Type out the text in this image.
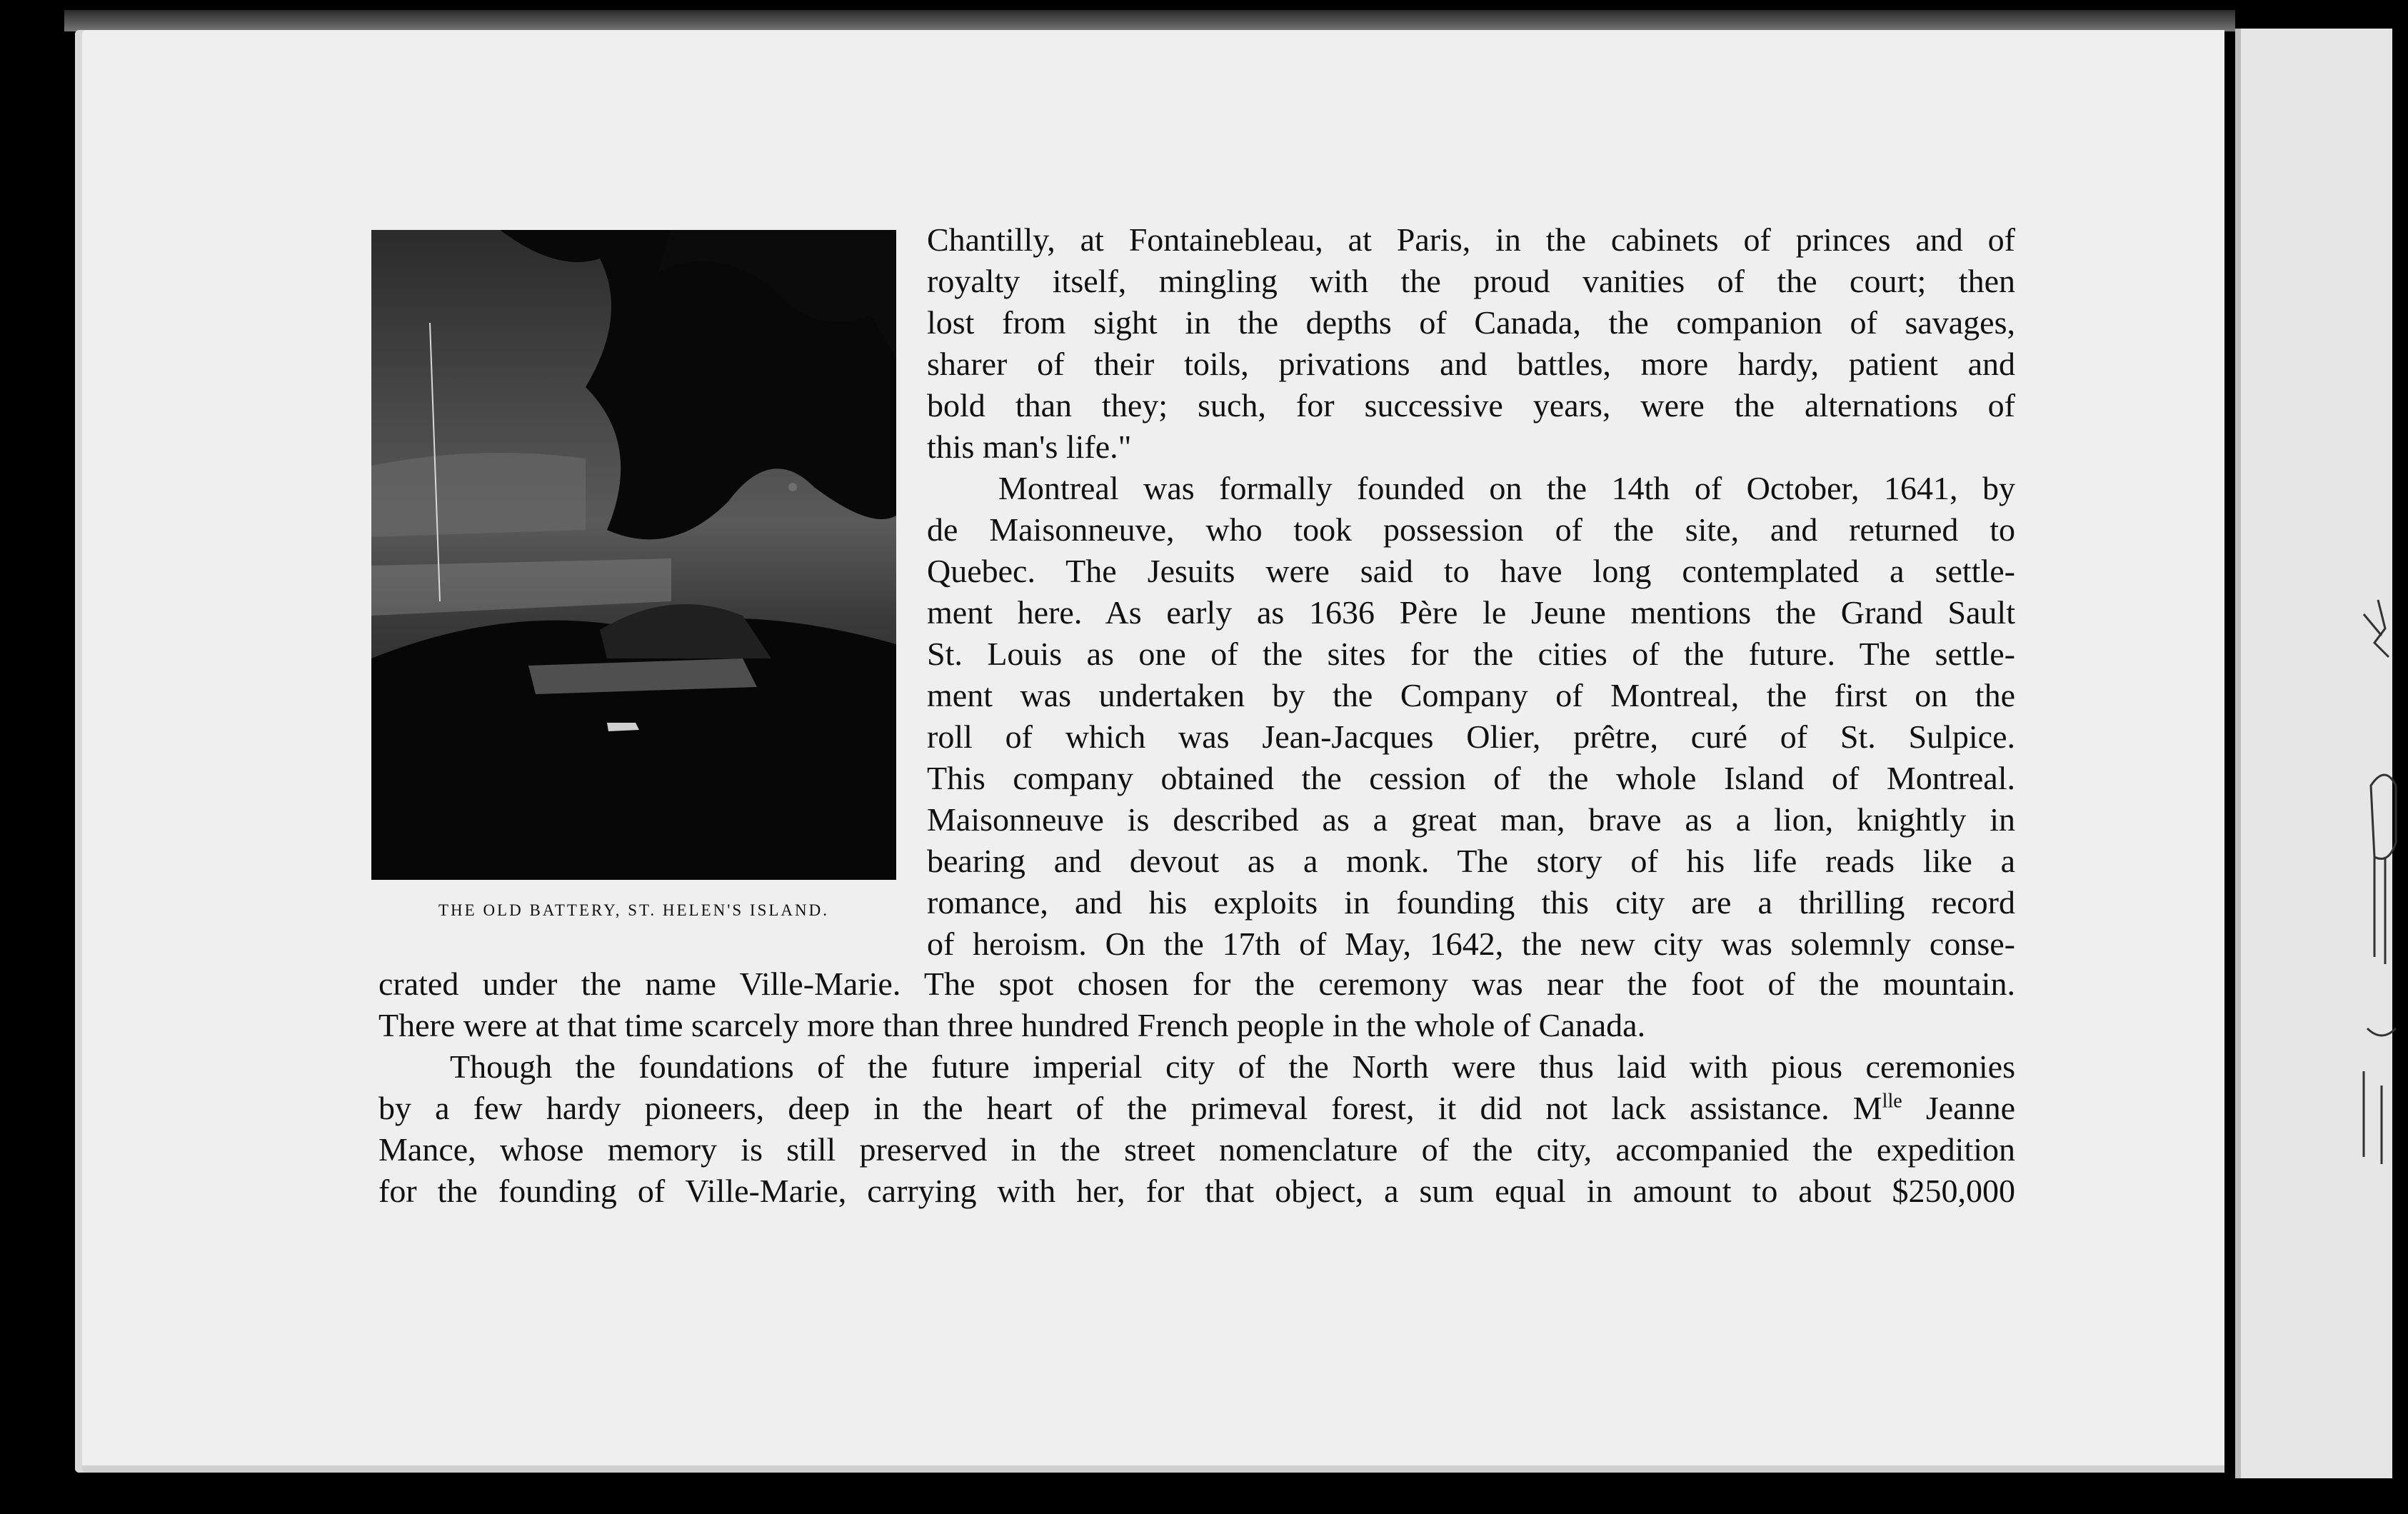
THE OLD BATTERY, ST. HELEN'S ISLAND.

Chantilly, at Fontainebleau, at Paris, in the cabinets of princes and of

royalty itself, mingling with the proud vanities of the court; then

lost from sight in the depths of Canada, the companion of savages,

sharer of their toils, privations and battles, more hardy, patient and

bold than they; such, for successive years, were the alternations of

this man's life."

Montreal was formally founded on the 14th of October, 1641, by

de Maisonneuve, who took possession of the site, and returned to

Quebec. The Jesuits were said to have long contemplated a settle-

ment here. As early as 1636 Père le Jeune mentions the Grand Sault

St. Louis as one of the sites for the cities of the future. The settle-

ment was undertaken by the Company of Montreal, the first on the

roll of which was Jean-Jacques Olier, prêtre, curé of St. Sulpice.

This company obtained the cession of the whole Island of Montreal.

Maisonneuve is described as a great man, brave as a lion, knightly in

bearing and devout as a monk. The story of his life reads like a

romance, and his exploits in founding this city are a thrilling record

of heroism. On the 17th of May, 1642, the new city was solemnly conse-

crated under the name Ville-Marie. The spot chosen for the ceremony was near the foot of the mountain.

There were at that time scarcely more than three hundred French people in the whole of Canada.

Though the foundations of the future imperial city of the North were thus laid with pious ceremonies

by a few hardy pioneers, deep in the heart of the primeval forest, it did not lack assistance. $M^{lle}$ Jeanne

Mance, whose memory is still preserved in the street nomenclature of the city, accompanied the expedition

for the founding of Ville-Marie, carrying with her, for that object, a sum equal in amount to about $250,000
